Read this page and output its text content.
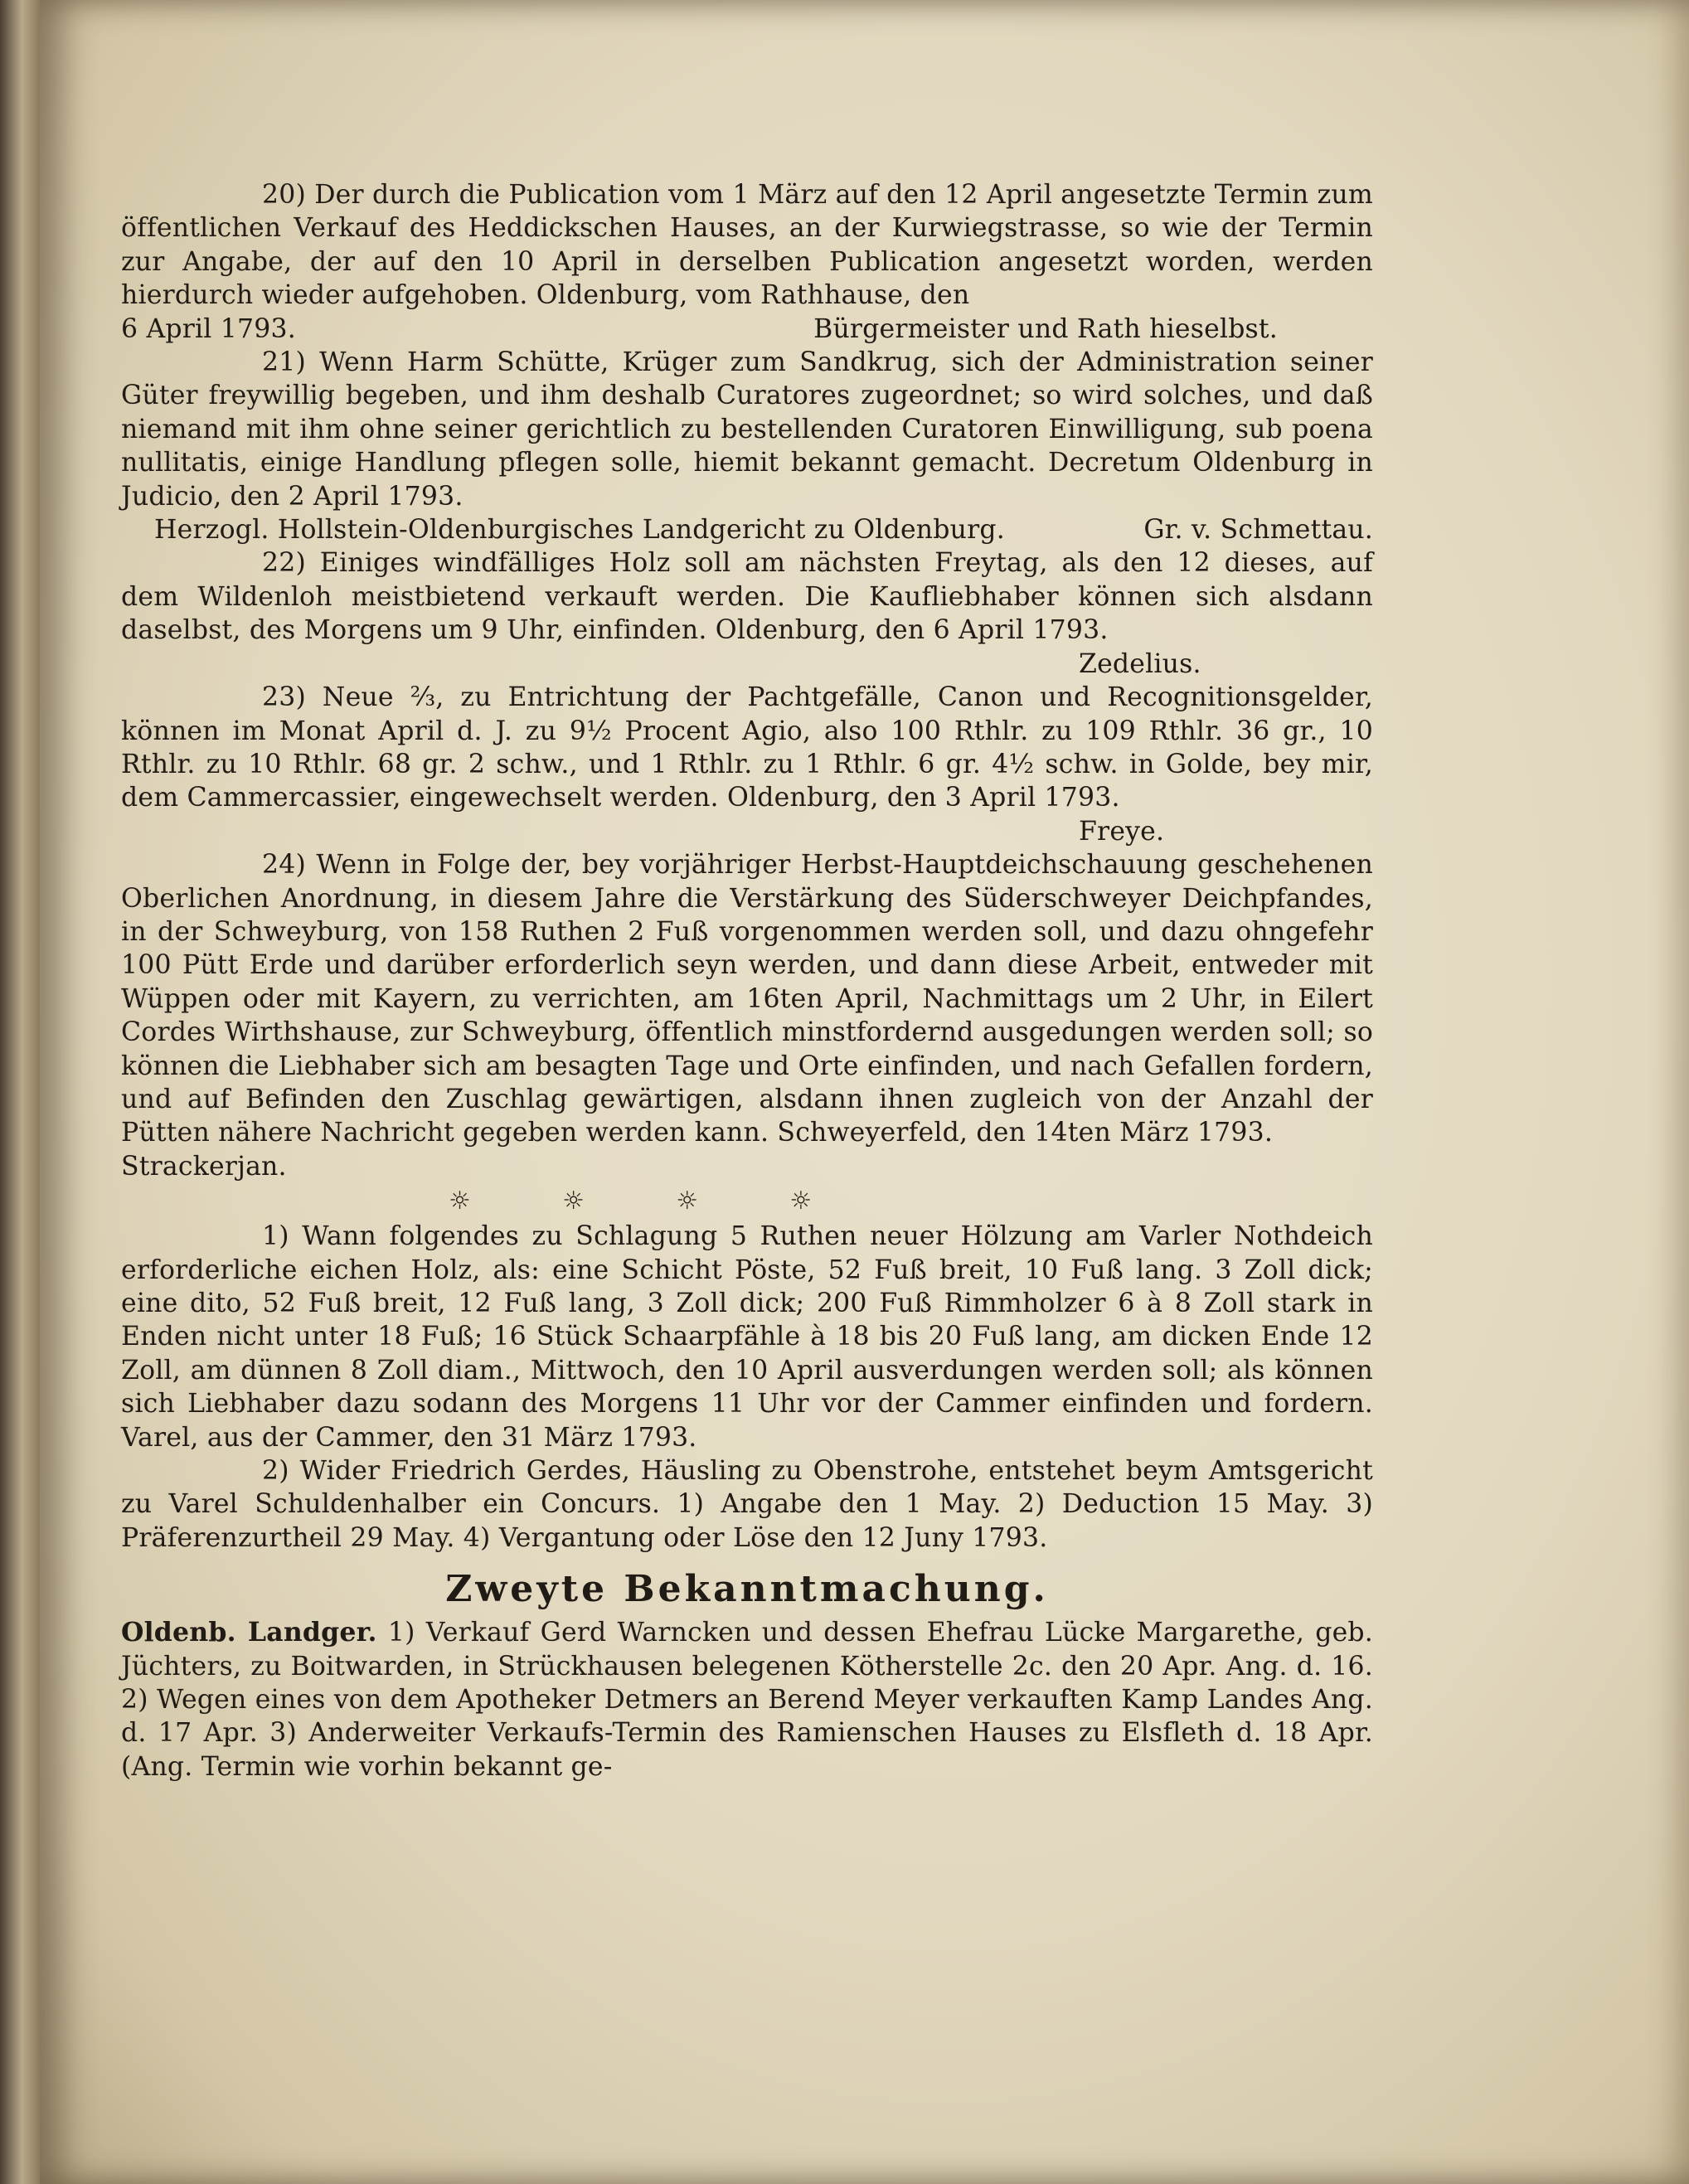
20) Der durch die Publication vom 1 März auf den 12 April angesetzte Termin zum öffentlichen Verkauf des Heddickschen Hauses, an der Kurwiegstrasse, so wie der Termin zur Angabe, der auf den 10 April in derselben Publication angesetzt worden, werden hierdurch wieder aufgehoben. Oldenburg, vom Rathhause, den

6 April 1793.	Bürgermeister und Rath hieselbst.

21) Wenn Harm Schütte, Krüger zum Sandkrug, sich der Administration seiner Güter freywillig begeben, und ihm deshalb Curatores zugeordnet; so wird solches, und daß niemand mit ihm ohne seiner gerichtlich zu bestellenden Curatoren Einwilligung, sub poena nullitatis, einige Handlung pflegen solle, hiemit bekannt gemacht. Decretum Oldenburg in Judicio, den 2 April 1793.

Herzogl. Hollstein-Oldenburgisches Landgericht zu Oldenburg.	Gr. v. Schmettau.

22) Einiges windfälliges Holz soll am nächsten Freytag, als den 12 dieses, auf dem Wildenloh meistbietend verkauft werden. Die Kaufliebhaber können sich alsdann daselbst, des Morgens um 9 Uhr, einfinden. Oldenburg, den 6 April 1793.

Zedelius.

23) Neue ⅔, zu Entrichtung der Pachtgefälle, Canon und Recognitionsgelder, können im Monat April d. J. zu 9½ Procent Agio, also 100 Rthlr. zu 109 Rthlr. 36 gr., 10 Rthlr. zu 10 Rthlr. 68 gr. 2 schw., und 1 Rthlr. zu 1 Rthlr. 6 gr. 4½ schw. in Golde, bey mir, dem Cammercassier, eingewechselt werden. Oldenburg, den 3 April 1793.

Freye.

24) Wenn in Folge der, bey vorjähriger Herbst-Hauptdeichschauung geschehenen Oberlichen Anordnung, in diesem Jahre die Verstärkung des Süderschweyer Deichpfandes, in der Schweyburg, von 158 Ruthen 2 Fuß vorgenommen werden soll, und dazu ohngefehr 100 Pütt Erde und darüber erforderlich seyn werden, und dann diese Arbeit, entweder mit Wüppen oder mit Kayern, zu verrichten, am 16ten April, Nachmittags um 2 Uhr, in Eilert Cordes Wirthshause, zur Schweyburg, öffentlich minstfordernd ausgedungen werden soll; so können die Liebhaber sich am besagten Tage und Orte einfinden, und nach Gefallen fordern, und auf Befinden den Zuschlag gewärtigen, alsdann ihnen zugleich von der Anzahl der Pütten nähere Nachricht gegeben werden kann. Schweyerfeld, den 14ten März 1793.

Strackerjan.

☼	☼	☼	☼

1) Wann folgendes zu Schlagung 5 Ruthen neuer Hölzung am Varler Nothdeich erforderliche eichen Holz, als: eine Schicht Pöste, 52 Fuß breit, 10 Fuß lang. 3 Zoll dick; eine dito, 52 Fuß breit, 12 Fuß lang, 3 Zoll dick; 200 Fuß Rimmholzer 6 à 8 Zoll stark in Enden nicht unter 18 Fuß; 16 Stück Schaarpfähle à 18 bis 20 Fuß lang, am dicken Ende 12 Zoll, am dünnen 8 Zoll diam., Mittwoch, den 10 April ausverdungen werden soll; als können sich Liebhaber dazu sodann des Morgens 11 Uhr vor der Cammer einfinden und fordern. Varel, aus der Cammer, den 31 März 1793.

2) Wider Friedrich Gerdes, Häusling zu Obenstrohe, entstehet beym Amtsgericht zu Varel Schuldenhalber ein Concurs. 1) Angabe den 1 May. 2) Deduction 15 May. 3) Präferenzurtheil 29 May. 4) Vergantung oder Löse den 12 Juny 1793.

Zweyte Bekanntmachung.

Oldenb. Landger. 1) Verkauf Gerd Warncken und dessen Ehefrau Lücke Margarethe, geb. Jüchters, zu Boitwarden, in Strückhausen belegenen Kötherstelle 2c. den 20 Apr. Ang. d. 16. 2) Wegen eines von dem Apotheker Detmers an Berend Meyer verkauften Kamp Landes Ang. d. 17 Apr. 3) Anderweiter Verkaufs-Termin des Ramienschen Hauses zu Elsfleth d. 18 Apr. (Ang. Termin wie vorhin bekannt ge-
